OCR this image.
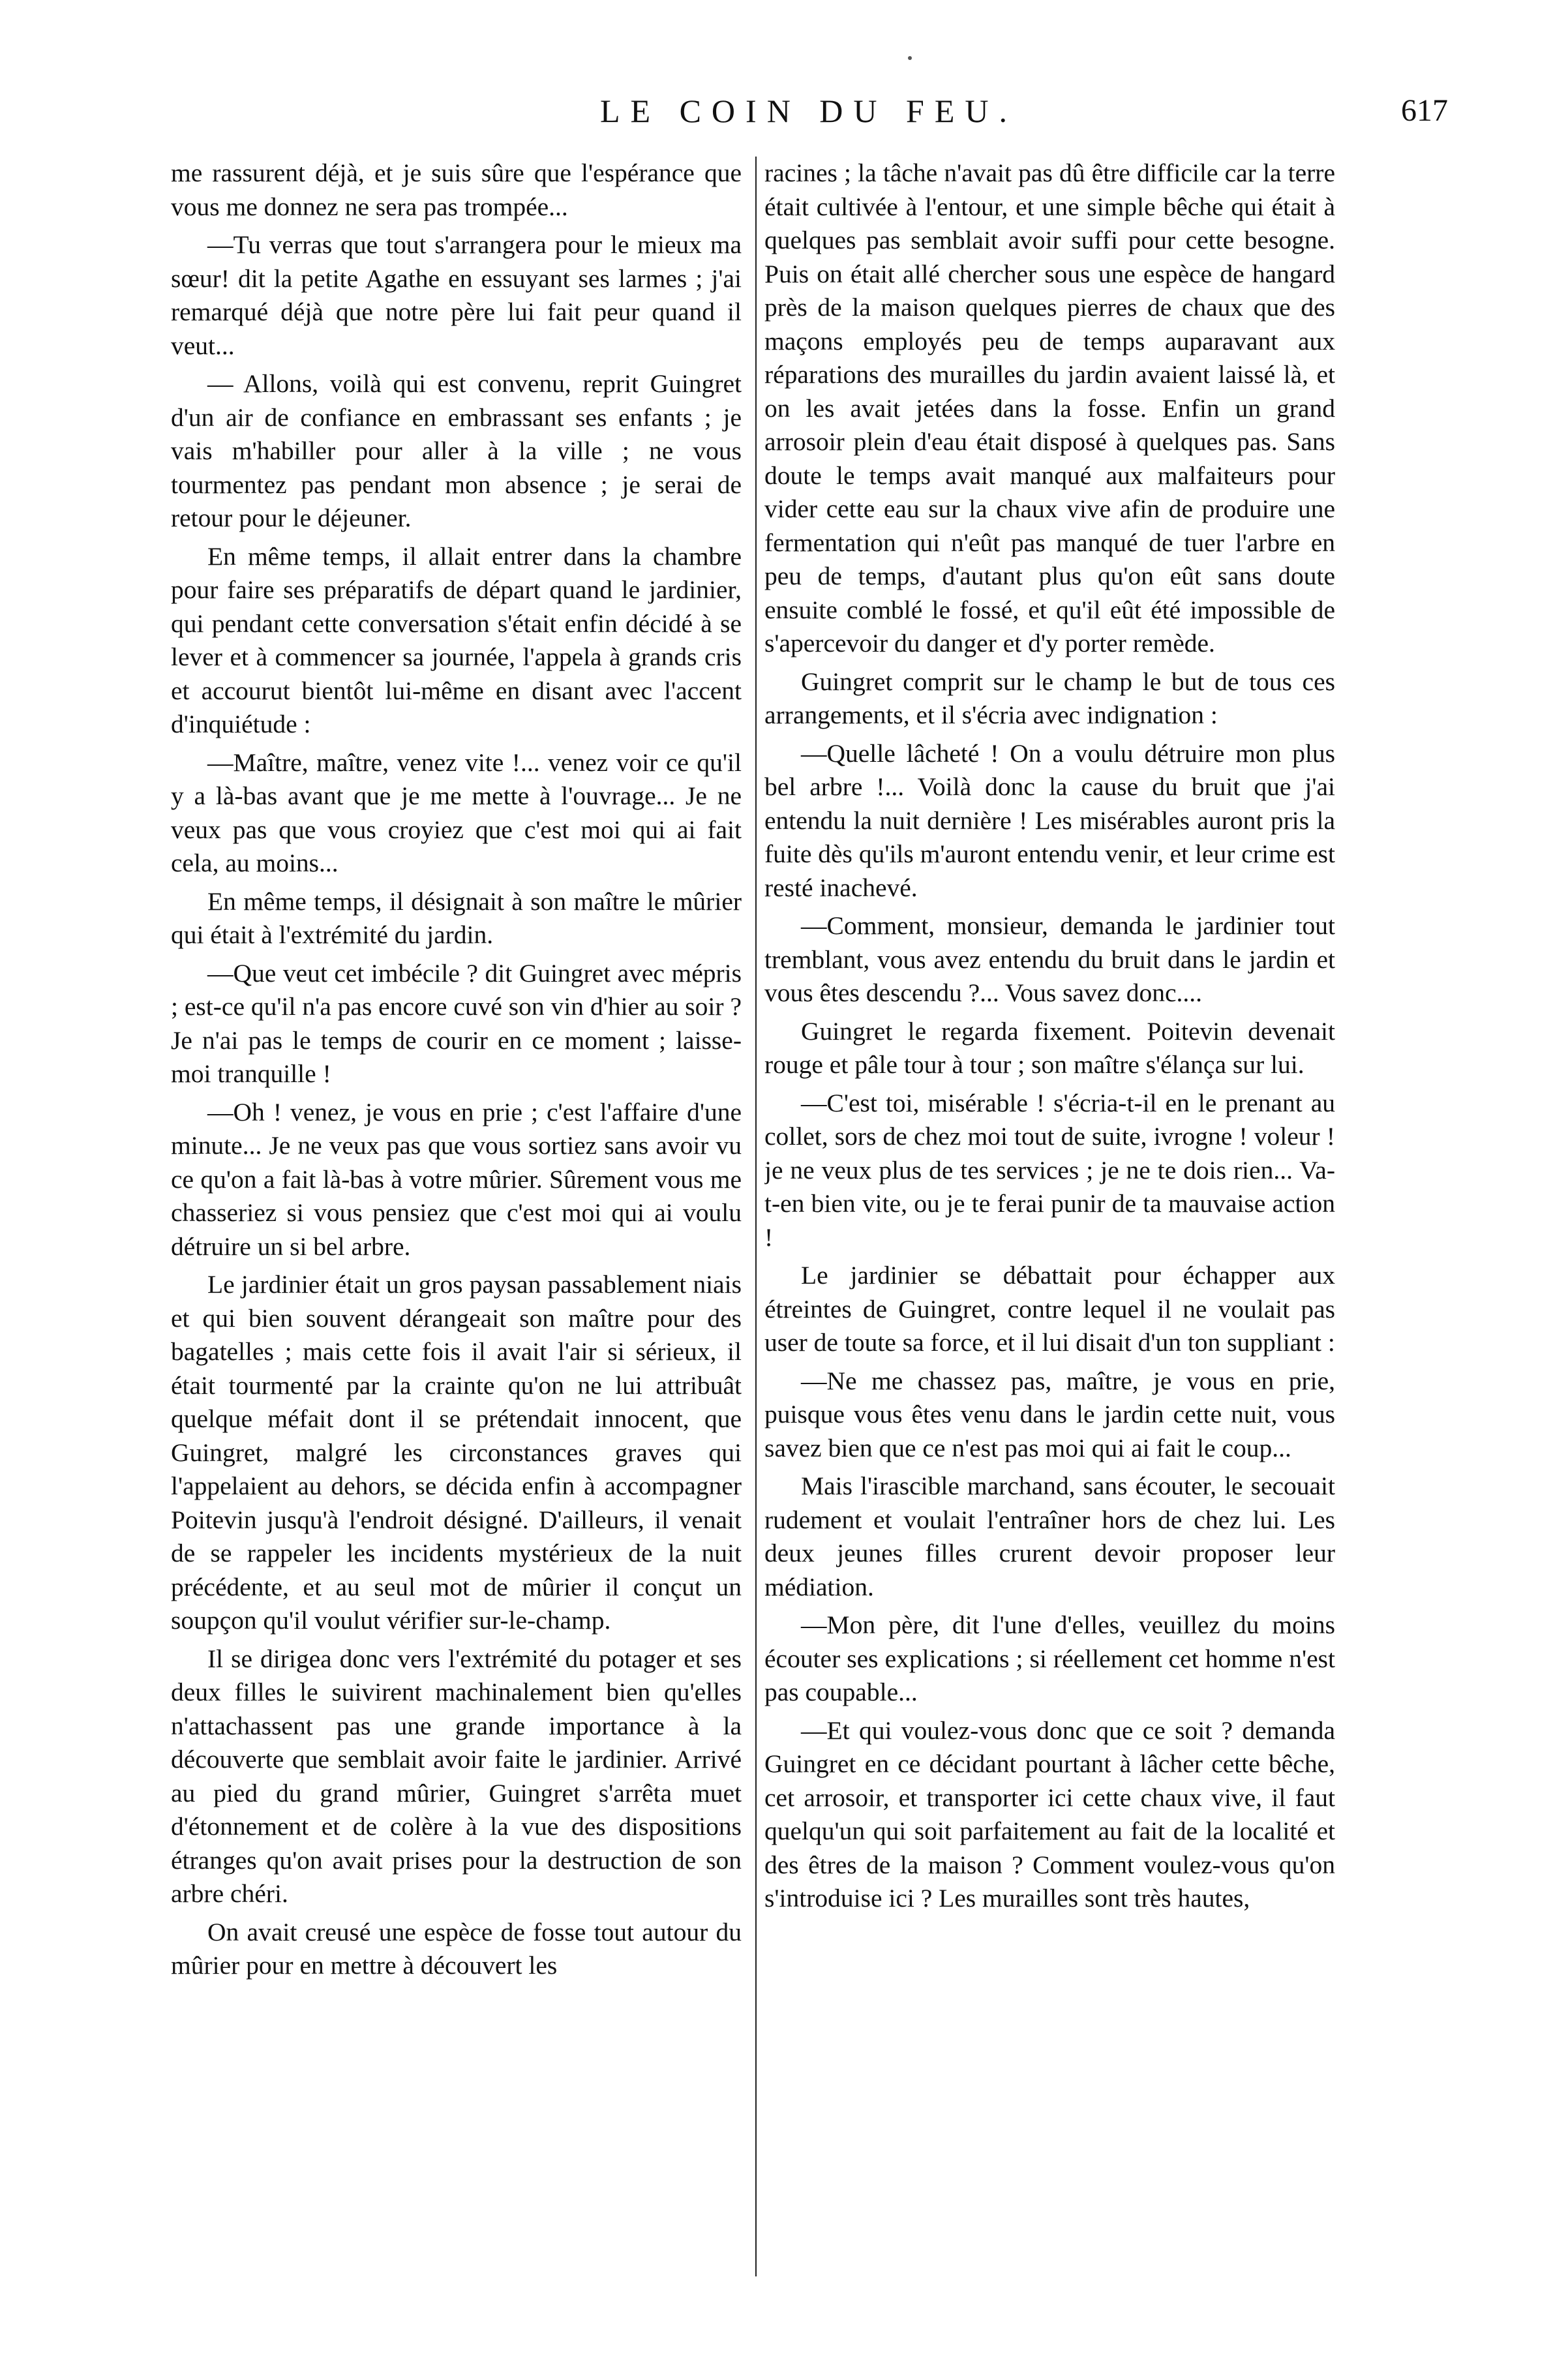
LE COIN DU FEU.	617

me rassurent déjà, et je suis sûre que l'espérance que vous me donnez ne sera pas trompée...

—Tu verras que tout s'arrangera pour le mieux ma sœur! dit la petite Agathe en essuyant ses larmes ; j'ai remarqué déjà que notre père lui fait peur quand il veut...

— Allons, voilà qui est convenu, reprit Guingret d'un air de confiance en embrassant ses enfants ; je vais m'habiller pour aller à la ville ; ne vous tourmentez pas pendant mon absence ; je serai de retour pour le déjeuner.

En même temps, il allait entrer dans la chambre pour faire ses préparatifs de départ quand le jardinier, qui pendant cette conversation s'était enfin décidé à se lever et à commencer sa journée, l'appela à grands cris et accourut bientôt lui-même en disant avec l'accent d'inquiétude :

—Maître, maître, venez vite !... venez voir ce qu'il y a là-bas avant que je me mette à l'ouvrage... Je ne veux pas que vous croyiez que c'est moi qui ai fait cela, au moins...

En même temps, il désignait à son maître le mûrier qui était à l'extrémité du jardin.

—Que veut cet imbécile ? dit Guingret avec mépris ; est-ce qu'il n'a pas encore cuvé son vin d'hier au soir ? Je n'ai pas le temps de courir en ce moment ; laisse-moi tranquille !

—Oh ! venez, je vous en prie ; c'est l'affaire d'une minute... Je ne veux pas que vous sortiez sans avoir vu ce qu'on a fait là-bas à votre mûrier. Sûrement vous me chasseriez si vous pensiez que c'est moi qui ai voulu détruire un si bel arbre.

Le jardinier était un gros paysan passablement niais et qui bien souvent dérangeait son maître pour des bagatelles ; mais cette fois il avait l'air si sérieux, il était tourmenté par la crainte qu'on ne lui attribuât quelque méfait dont il se prétendait innocent, que Guingret, malgré les circonstances graves qui l'appelaient au dehors, se décida enfin à accompagner Poitevin jusqu'à l'endroit désigné. D'ailleurs, il venait de se rappeler les incidents mystérieux de la nuit précédente, et au seul mot de mûrier il conçut un soupçon qu'il voulut vérifier sur-le-champ.

Il se dirigea donc vers l'extrémité du potager et ses deux filles le suivirent machinalement bien qu'elles n'attachassent pas une grande importance à la découverte que semblait avoir faite le jardinier. Arrivé au pied du grand mûrier, Guingret s'arrêta muet d'étonnement et de colère à la vue des dispositions étranges qu'on avait prises pour la destruction de son arbre chéri.

On avait creusé une espèce de fosse tout autour du mûrier pour en mettre à découvert les

racines ; la tâche n'avait pas dû être difficile car la terre était cultivée à l'entour, et une simple bêche qui était à quelques pas semblait avoir suffi pour cette besogne. Puis on était allé chercher sous une espèce de hangard près de la maison quelques pierres de chaux que des maçons employés peu de temps auparavant aux réparations des murailles du jardin avaient laissé là, et on les avait jetées dans la fosse. Enfin un grand arrosoir plein d'eau était disposé à quelques pas. Sans doute le temps avait manqué aux malfaiteurs pour vider cette eau sur la chaux vive afin de produire une fermentation qui n'eût pas manqué de tuer l'arbre en peu de temps, d'autant plus qu'on eût sans doute ensuite comblé le fossé, et qu'il eût été impossible de s'apercevoir du danger et d'y porter remède.

Guingret comprit sur le champ le but de tous ces arrangements, et il s'écria avec indignation :

—Quelle lâcheté ! On a voulu détruire mon plus bel arbre !... Voilà donc la cause du bruit que j'ai entendu la nuit dernière ! Les misérables auront pris la fuite dès qu'ils m'auront entendu venir, et leur crime est resté inachevé.

—Comment, monsieur, demanda le jardinier tout tremblant, vous avez entendu du bruit dans le jardin et vous êtes descendu ?... Vous savez donc....

Guingret le regarda fixement. Poitevin devenait rouge et pâle tour à tour ; son maître s'élança sur lui.

—C'est toi, misérable ! s'écria-t-il en le prenant au collet, sors de chez moi tout de suite, ivrogne ! voleur ! je ne veux plus de tes services ; je ne te dois rien... Va-t-en bien vite, ou je te ferai punir de ta mauvaise action !

Le jardinier se débattait pour échapper aux étreintes de Guingret, contre lequel il ne voulait pas user de toute sa force, et il lui disait d'un ton suppliant :

—Ne me chassez pas, maître, je vous en prie, puisque vous êtes venu dans le jardin cette nuit, vous savez bien que ce n'est pas moi qui ai fait le coup...

Mais l'irascible marchand, sans écouter, le secouait rudement et voulait l'entraîner hors de chez lui. Les deux jeunes filles crurent devoir proposer leur médiation.

—Mon père, dit l'une d'elles, veuillez du moins écouter ses explications ; si réellement cet homme n'est pas coupable...

—Et qui voulez-vous donc que ce soit ? demanda Guingret en ce décidant pourtant à lâcher cette bêche, cet arrosoir, et transporter ici cette chaux vive, il faut quelqu'un qui soit parfaitement au fait de la localité et des êtres de la maison ? Comment voulez-vous qu'on s'introduise ici ? Les murailles sont très hautes,
